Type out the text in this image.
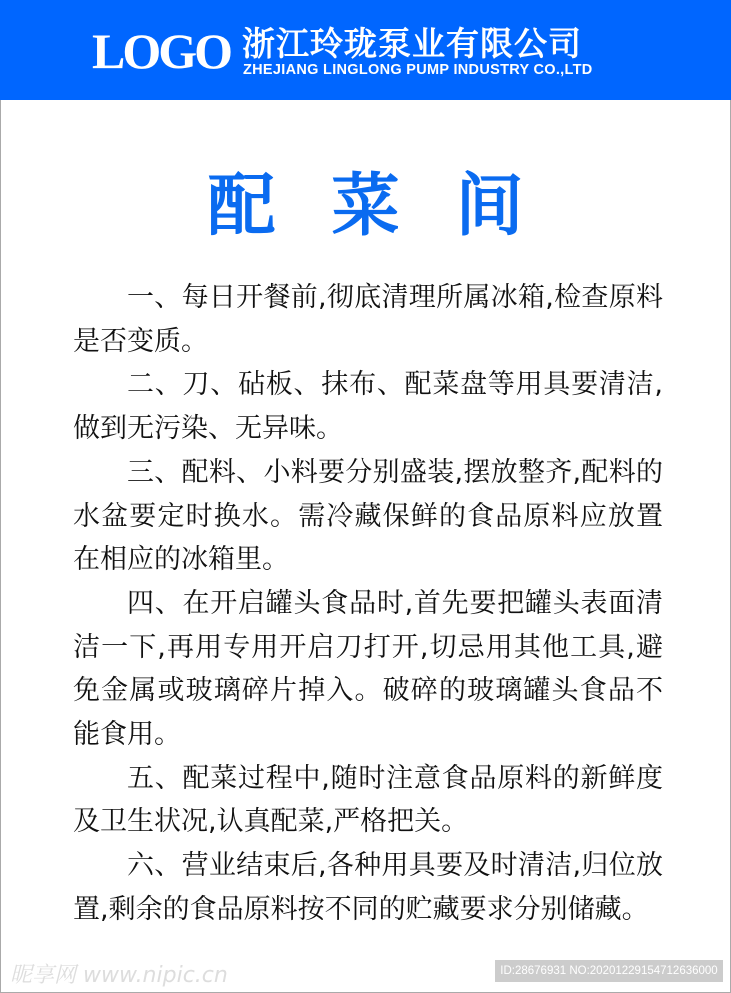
LOGO 浙江玲珑泵业有限公司
ZHEJIANG LINGLONG PUMP INDUSTRY CO.,LTD
配菜间

一、每日开餐前,彻底清理所属冰箱,检查原料是否变质。

二、刀、砧板、抹布、配菜盘等用具要清洁,做到无污染、无异味。

三、配料、小料要分别盛装,摆放整齐,配料的水盆要定时换水。需冷藏保鲜的食品原料应放置在相应的冰箱里。

四、在开启罐头食品时,首先要把罐头表面清洁一下,再用专用开启刀打开,切忌用其他工具,避免金属或玻璃碎片掉入。破碎的玻璃罐头食品不能食用。

五、配菜过程中,随时注意食品原料的新鲜度及卫生状况,认真配菜,严格把关。

六、营业结束后,各种用具要及时清洁,归位放置,剩余的食品原料按不同的贮藏要求分别储藏。

昵享网 www.nipic.cn	ID:28676931 NO:20201229154712636000
